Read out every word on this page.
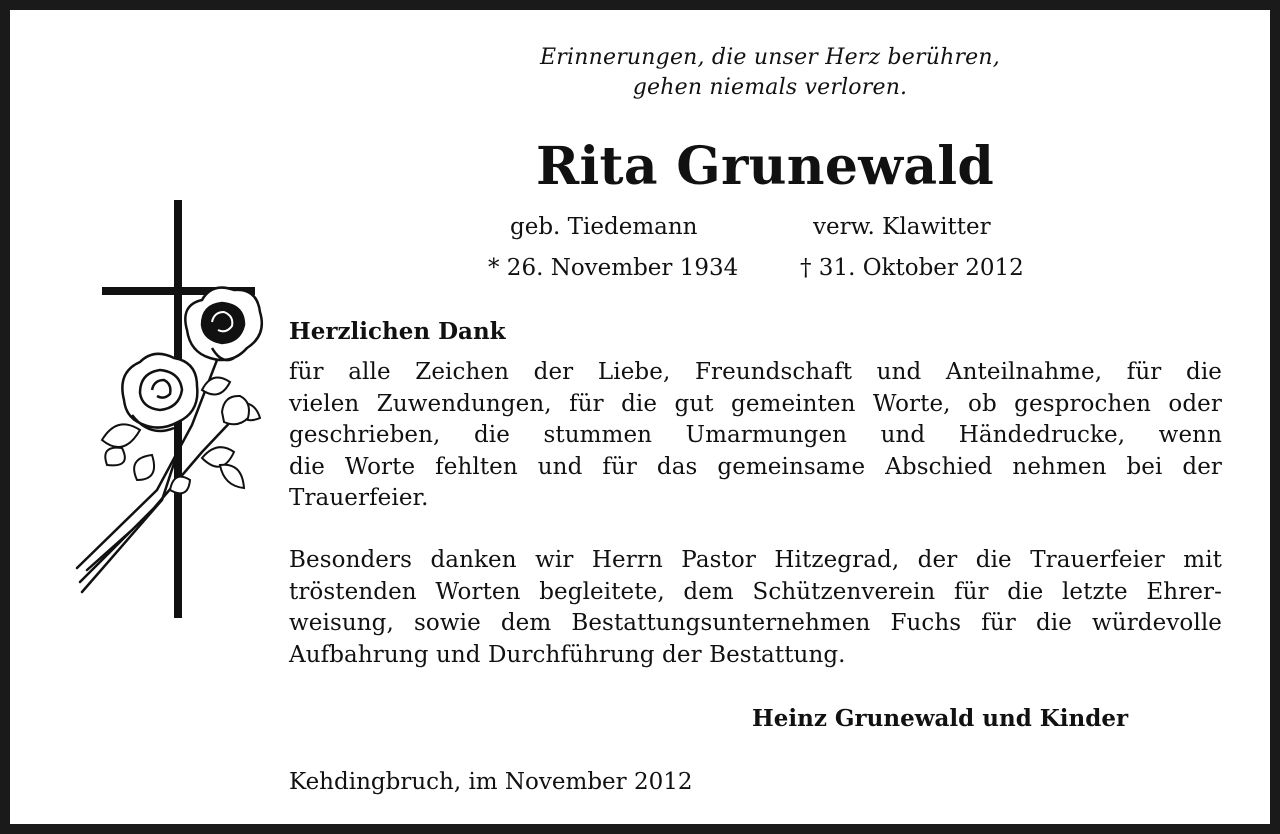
Erinnerungen, die unser Herz berühren,
gehen niemals verloren.
Rita Grunewald
geb. Tiedemann	verw. Klawitter
* 26. November 1934	† 31. Oktober 2012
Herzlichen Dank
für alle Zeichen der Liebe, Freundschaft und Anteilnahme, für die
vielen Zuwendungen, für die gut gemeinten Worte, ob gesprochen oder
geschrieben, die stummen Umarmungen und Händedrucke, wenn
die Worte fehlten und für das gemeinsame Abschied nehmen bei der
Trauerfeier.
Besonders danken wir Herrn Pastor Hitzegrad, der die Trauerfeier mit
tröstenden Worten begleitete, dem Schützenverein für die letzte Ehrer-
weisung, sowie dem Bestattungsunternehmen Fuchs für die würdevolle
Aufbahrung und Durchführung der Bestattung.
Heinz Grunewald und Kinder
Kehdingbruch, im November 2012
